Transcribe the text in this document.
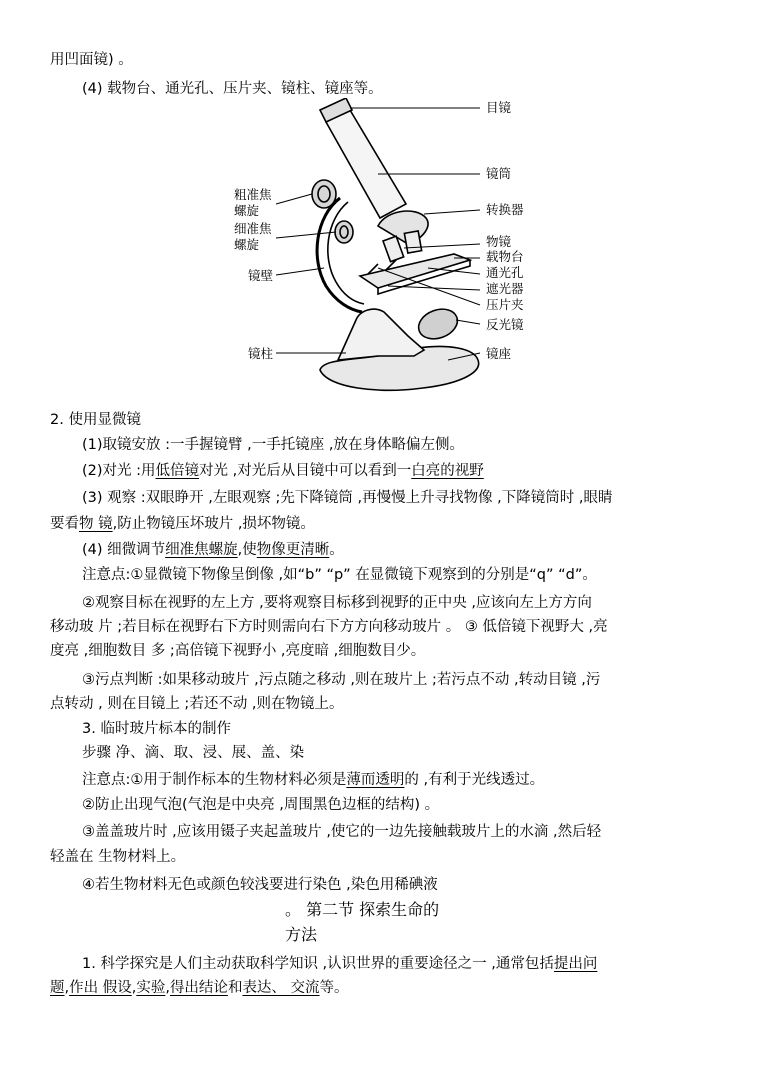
用凹面镜) 。
(4) 载物台、通光孔、压片夹、镜柱、镜座等。
目镜
镜筒
转换器
物镜
载物台
通光孔
遮光器
压片夹
反光镜
镜座
粗准焦
螺旋
细准焦
螺旋
镜壁
镜柱
2. 使用显微镜
(1)取镜安放 :一手握镜臂 ,一手托镜座 ,放在身体略偏左侧。
(2)对光 :用低倍镜对光 ,对光后从目镜中可以看到一白亮的视野
(3) 观察 :双眼睁开 ,左眼观察 ;先下降镜筒 ,再慢慢上升寻找物像 ,下降镜筒时 ,眼睛
要看物 镜,防止物镜压坏玻片 ,损坏物镜。
(4) 细微调节细准焦螺旋,使物像更清晰。
注意点:①显微镜下物像呈倒像 ,如“b” “p” 在显微镜下观察到的分别是“q” “d”。
②观察目标在视野的左上方 ,要将观察目标移到视野的正中央 ,应该向左上方方向
移动玻 片 ;若目标在视野右下方时则需向右下方方向移动玻片 。 ③ 低倍镜下视野大 ,亮
度亮 ,细胞数目 多 ;高倍镜下视野小 ,亮度暗 ,细胞数目少。
③污点判断 :如果移动玻片 ,污点随之移动 ,则在玻片上 ;若污点不动 ,转动目镜 ,污
点转动 , 则在目镜上 ;若还不动 ,则在物镜上。
3. 临时玻片标本的制作
步骤 净、滴、取、浸、展、盖、染
注意点:①用于制作标本的生物材料必须是薄而透明的 ,有利于光线透过。
②防止出现气泡(气泡是中央亮 ,周围黑色边框的结构) 。
③盖盖玻片时 ,应该用镊子夹起盖玻片 ,使它的一边先接触载玻片上的水滴 ,然后轻
轻盖在 生物材料上。
④若生物材料无色或颜色较浅要进行染色 ,染色用稀碘液
。 第二节 探索生命的
方法
1. 科学探究是人们主动获取科学知识 ,认识世界的重要途径之一 ,通常包括提出问
题,作出 假设,实验,得出结论和表达、 交流等。
